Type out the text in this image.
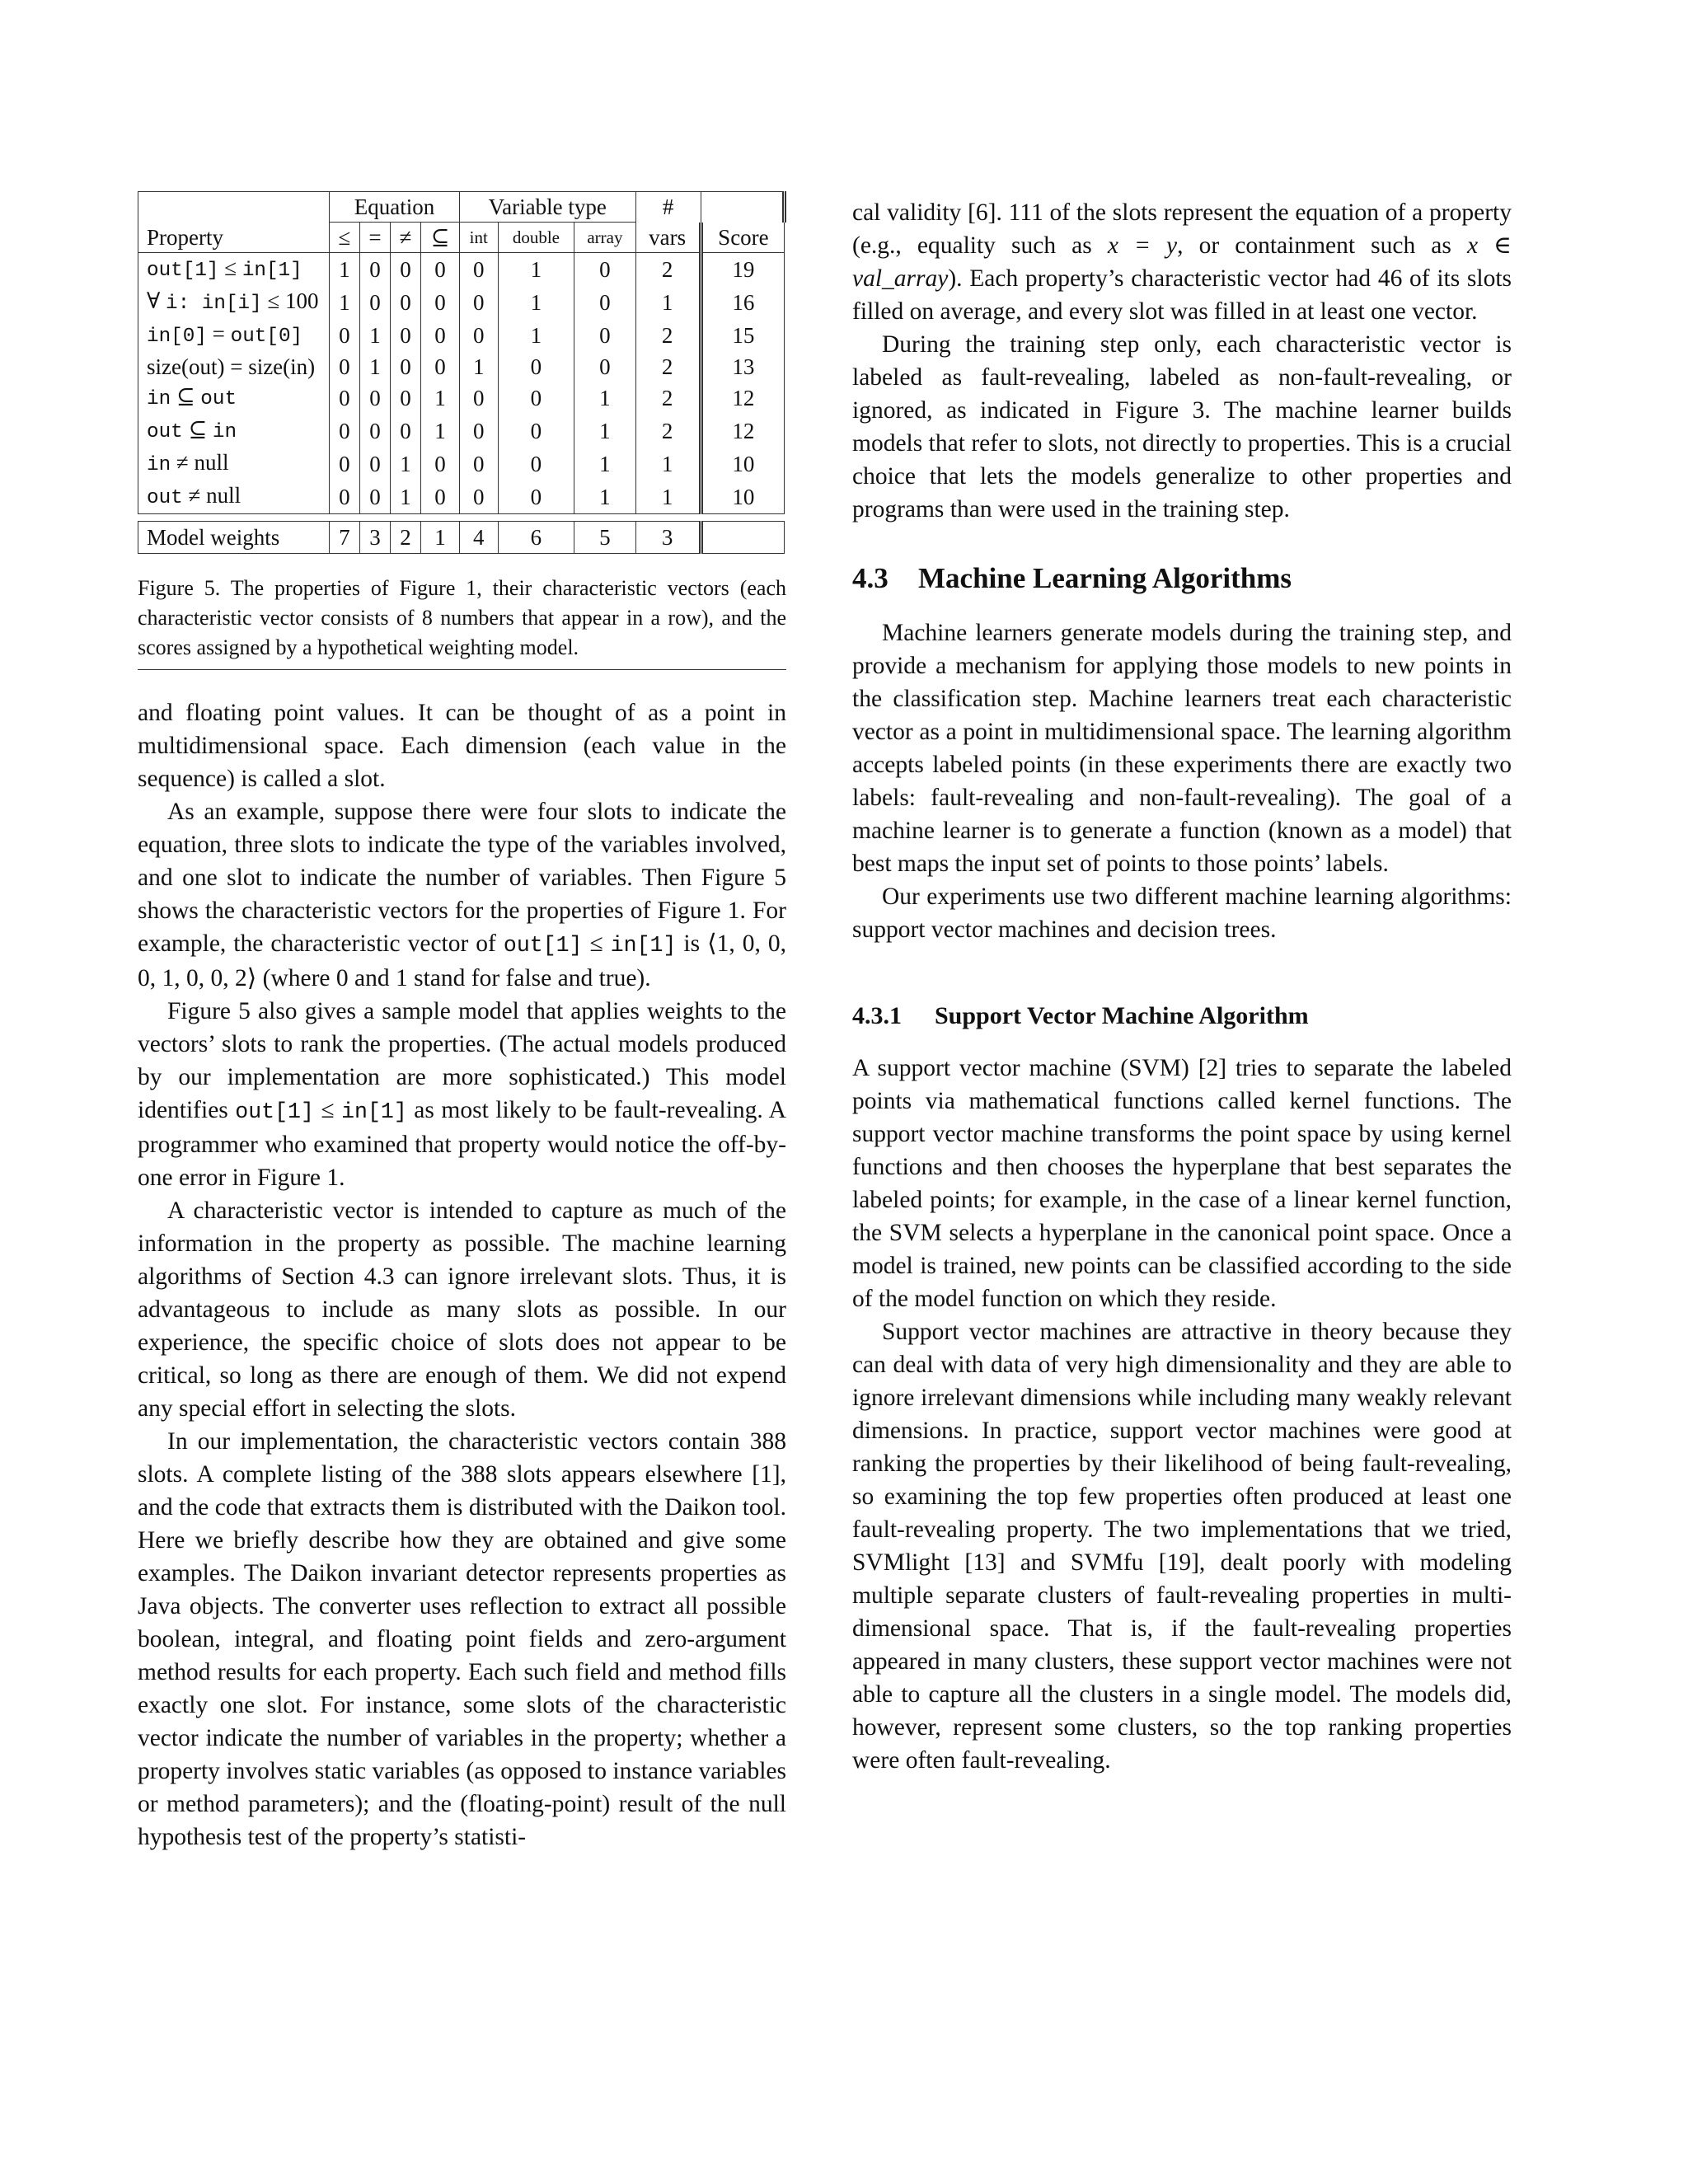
	Equation				Variable type			#	
Property	≤	=	≠	⊆	int	double	array	vars	Score
out[1] ≤ in[1]	1	0	0	0	0	1	0	2	19
∀ i: in[i] ≤ 100	1	0	0	0	0	1	0	1	16
in[0] = out[0]	0	1	0	0	0	1	0	2	15
size(out) = size(in)	0	1	0	0	1	0	0	2	13
in ⊆ out	0	0	0	1	0	0	1	2	12
out ⊆ in	0	0	0	1	0	0	1	2	12
in ≠ null	0	0	1	0	0	0	1	1	10
out ≠ null	0	0	1	0	0	0	1	1	10

Model weights	7	3	2	1	4	6	5	3	
Figure 5. The properties of Figure 1, their characteristic vectors (each characteristic vector consists of 8 numbers that appear in a row), and the scores assigned by a hypothetical weighting model.

and floating point values. It can be thought of as a point in multidimensional space. Each dimension (each value in the sequence) is called a slot.

As an example, suppose there were four slots to indicate the equation, three slots to indicate the type of the variables involved, and one slot to indicate the number of variables. Then Figure 5 shows the characteristic vectors for the properties of Figure 1. For example, the characteristic vector of out[1] ≤ in[1] is ⟨1, 0, 0, 0, 1, 0, 0, 2⟩ (where 0 and 1 stand for false and true).

Figure 5 also gives a sample model that applies weights to the vectors’ slots to rank the properties. (The actual models produced by our implementation are more sophisticated.) This model identifies out[1] ≤ in[1] as most likely to be fault-revealing. A programmer who examined that property would notice the off-by-one error in Figure 1.

A characteristic vector is intended to capture as much of the information in the property as possible. The machine learning algorithms of Section 4.3 can ignore irrelevant slots. Thus, it is advantageous to include as many slots as possible. In our experience, the specific choice of slots does not appear to be critical, so long as there are enough of them. We did not expend any special effort in selecting the slots.

In our implementation, the characteristic vectors contain 388 slots. A complete listing of the 388 slots appears elsewhere [1], and the code that extracts them is distributed with the Daikon tool. Here we briefly describe how they are obtained and give some examples. The Daikon invariant detector represents properties as Java objects. The converter uses reflection to extract all possible boolean, integral, and floating point fields and zero-argument method results for each property. Each such field and method fills exactly one slot. For instance, some slots of the characteristic vector indicate the number of variables in the property; whether a property involves static variables (as opposed to instance variables or method parameters); and the (floating-point) result of the null hypothesis test of the property’s statisti-

cal validity [6]. 111 of the slots represent the equation of a property (e.g., equality such as x = y, or containment such as x ∈ val_array). Each property’s characteristic vector had 46 of its slots filled on average, and every slot was filled in at least one vector.

During the training step only, each characteristic vector is labeled as fault-revealing, labeled as non-fault-revealing, or ignored, as indicated in Figure 3. The machine learner builds models that refer to slots, not directly to properties. This is a crucial choice that lets the models generalize to other properties and programs than were used in the training step.

4.3 Machine Learning Algorithms

Machine learners generate models during the training step, and provide a mechanism for applying those models to new points in the classification step. Machine learners treat each characteristic vector as a point in multidimensional space. The learning algorithm accepts labeled points (in these experiments there are exactly two labels: fault-revealing and non-fault-revealing). The goal of a machine learner is to generate a function (known as a model) that best maps the input set of points to those points’ labels.

Our experiments use two different machine learning algorithms: support vector machines and decision trees.

4.3.1 Support Vector Machine Algorithm

A support vector machine (SVM) [2] tries to separate the labeled points via mathematical functions called kernel functions. The support vector machine transforms the point space by using kernel functions and then chooses the hyperplane that best separates the labeled points; for example, in the case of a linear kernel function, the SVM selects a hyperplane in the canonical point space. Once a model is trained, new points can be classified according to the side of the model function on which they reside.

Support vector machines are attractive in theory because they can deal with data of very high dimensionality and they are able to ignore irrelevant dimensions while including many weakly relevant dimensions. In practice, support vector machines were good at ranking the properties by their likelihood of being fault-revealing, so examining the top few properties often produced at least one fault-revealing property. The two implementations that we tried, SVMlight [13] and SVMfu [19], dealt poorly with modeling multiple separate clusters of fault-revealing properties in multi-dimensional space. That is, if the fault-revealing properties appeared in many clusters, these support vector machines were not able to capture all the clusters in a single model. The models did, however, represent some clusters, so the top ranking properties were often fault-revealing.
